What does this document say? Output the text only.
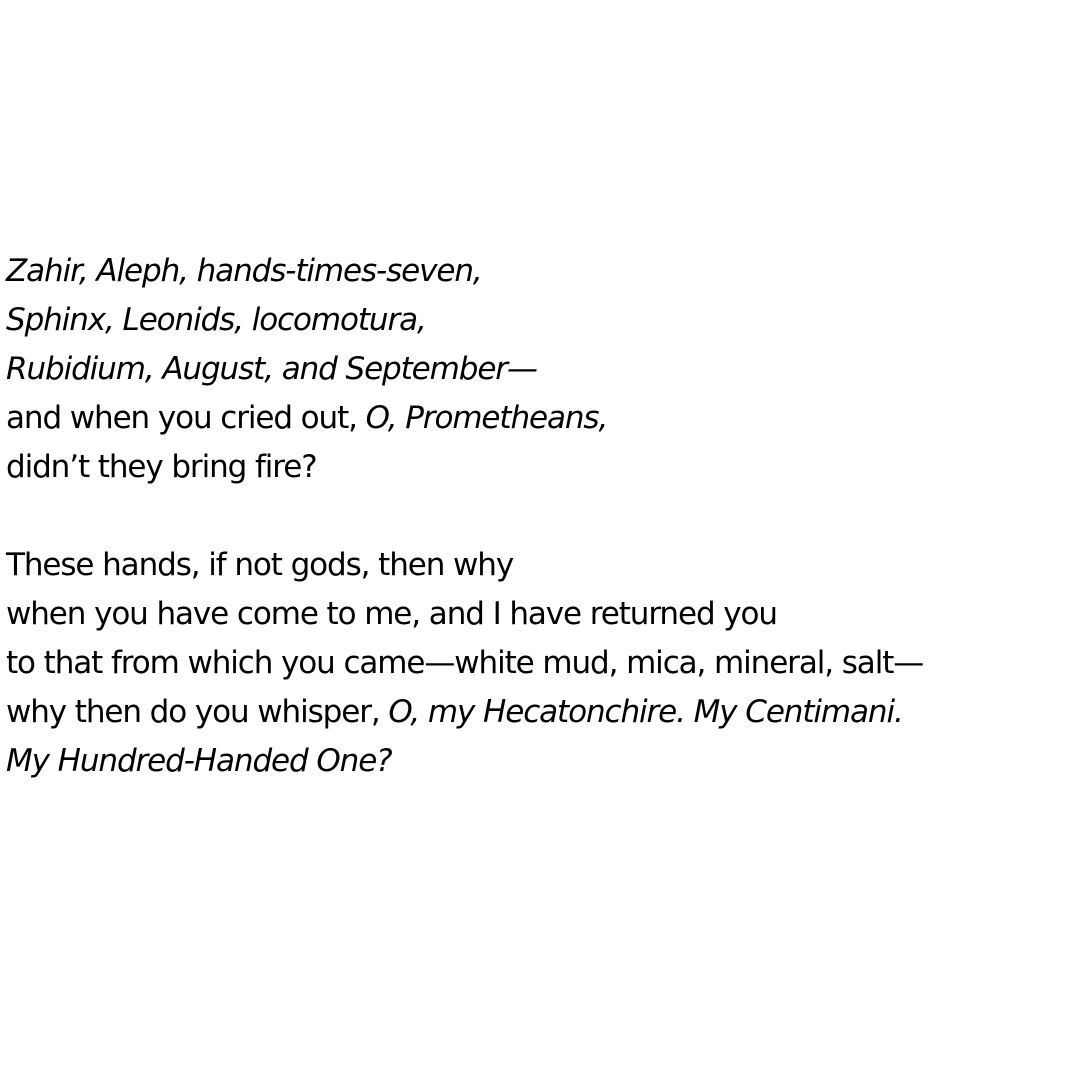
Zahir, Aleph, hands-times-seven,
Sphinx, Leonids, locomotura,
Rubidium, August, and September—
and when you cried out, O, Prometheans,
didn’t they bring fire?
These hands, if not gods, then why
when you have come to me, and I have returned you
to that from which you came—white mud, mica, mineral, salt—
why then do you whisper, O, my Hecatonchire. My Centimani.
My Hundred-Handed One?
